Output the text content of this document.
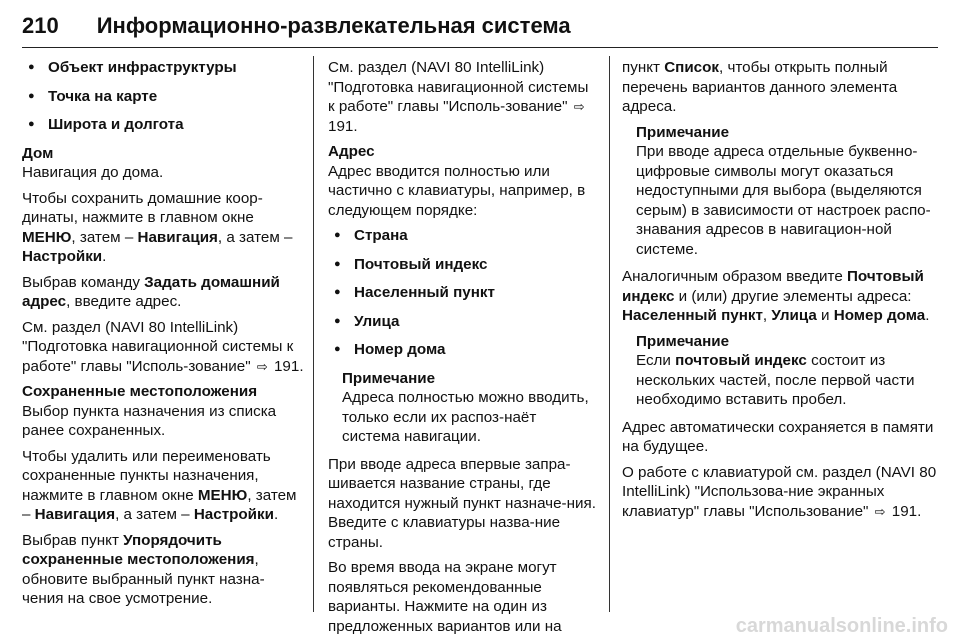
210 Информационно-развлекательная система
● Объект инфраструктуры
● Точка на карте
● Широта и долгота
Дом

Навигация до дома.

Чтобы сохранить домашние коор-динаты, нажмите в главном окне МЕНЮ, затем – Навигация, а затем – Настройки.

Выбрав команду Задать домашний адрес, введите адрес.

См. раздел (NAVI 80 IntelliLink) "Подготовка навигационной системы к работе" главы "Исполь-зование" ⇨ 191.

Сохраненные местоположения

Выбор пункта назначения из списка ранее сохраненных.

Чтобы удалить или переименовать сохраненные пункты назначения, нажмите в главном окне МЕНЮ, затем – Навигация, а затем – Настройки.

Выбрав пункт Упорядочить сохраненные местоположения, обновите выбранный пункт назна-чения на свое усмотрение.

См. раздел (NAVI 80 IntelliLink) "Подготовка навигационной системы к работе" главы "Исполь-зование" ⇨ 191.

Адрес

Адрес вводится полностью или частично с клавиатуры, например, в следующем порядке:

● Страна
● Почтовый индекс
● Населенный пункт
● Улица
● Номер дома
Примечание
Адреса полностью можно вводить, только если их распоз-наёт система навигации.

При вводе адреса впервые запра-шивается название страны, где находится нужный пункт назначе-ния. Введите с клавиатуры назва-ние страны.

Во время ввода на экране могут появляться рекомендованные варианты. Нажмите на один из предложенных вариантов или на

пункт Список, чтобы открыть полный перечень вариантов данного элемента адреса.

Примечание
При вводе адреса отдельные буквенно-цифровые символы могут оказаться недоступными для выбора (выделяются серым) в зависимости от настроек распо-знавания адресов в навигацион-ной системе.

Аналогичным образом введите Почтовый индекс и (или) другие элементы адреса: Населенный пункт, Улица и Номер дома.

Примечание
Если почтовый индекс состоит из нескольких частей, после первой части необходимо вставить пробел.

Адрес автоматически сохраняется в памяти на будущее.

О работе с клавиатурой см. раздел (NAVI 80 IntelliLink) "Использова-ние экранных клавиатур" главы "Использование" ⇨ 191.

carmanualsonline.info
